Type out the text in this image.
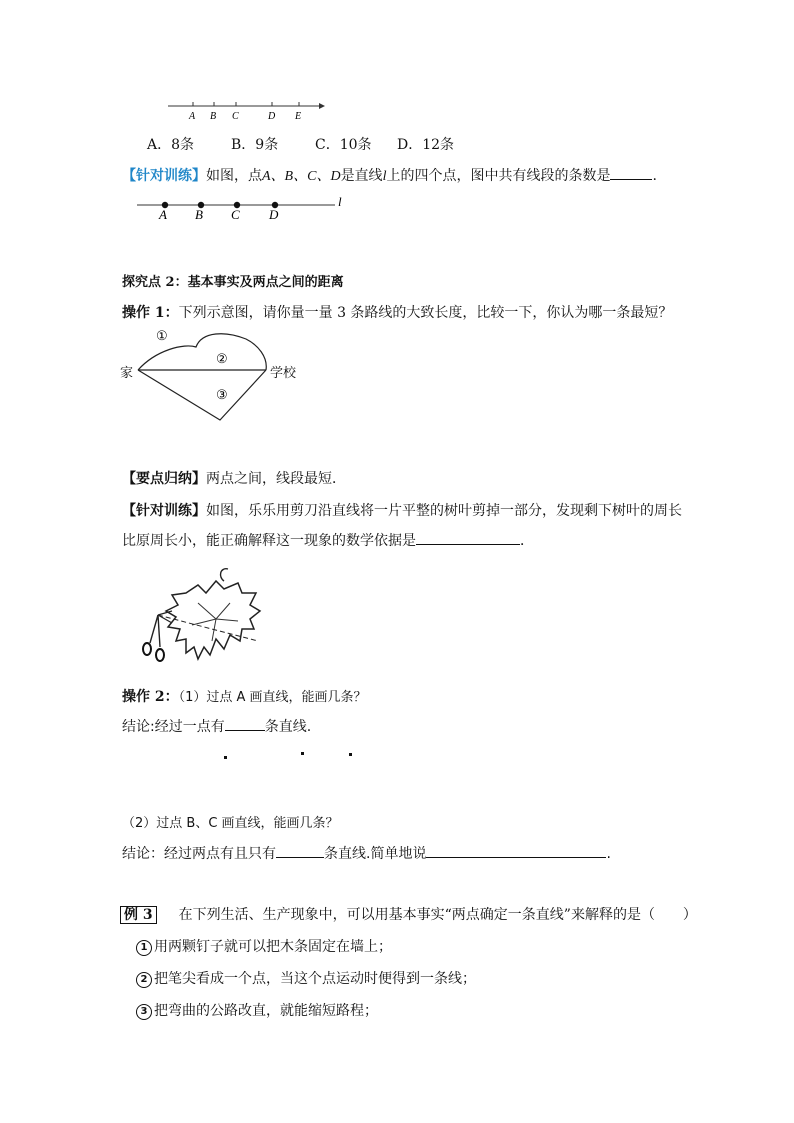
A B C	D E
A．8条	B．9条	C．10条 D．12条
【针对训练】如图，点A、B、C、D是直线l上的四个点，图中共有线段的条数是	.
A B C D
l
探究点 2：基本事实及两点之间的距离
操作 1：下列示意图，请你量一量 3 条路线的大致长度，比较一下，你认为哪一条最短？
①
②
③
家	学校
【要点归纳】两点之间，线段最短．
【针对训练】如图，乐乐用剪刀沿直线将一片平整的树叶剪掉一部分，发现剩下树叶的周长
比原周长小，能正确解释这一现象的数学依据是	．
操作 2：（1）过点 A 画直线，能画几条？
结论:经过一点有	条直线.
（2）过点 B、C 画直线，能画几条？
结论：经过两点有且只有	条直线.简单地说	.
例 3 在下列生活、生产现象中，可以用基本事实“两点确定一条直线”来解释的是（　　）
1 用两颗钉子就可以把木条固定在墙上；
2 把笔尖看成一个点，当这个点运动时便得到一条线；
3 把弯曲的公路改直，就能缩短路程；
